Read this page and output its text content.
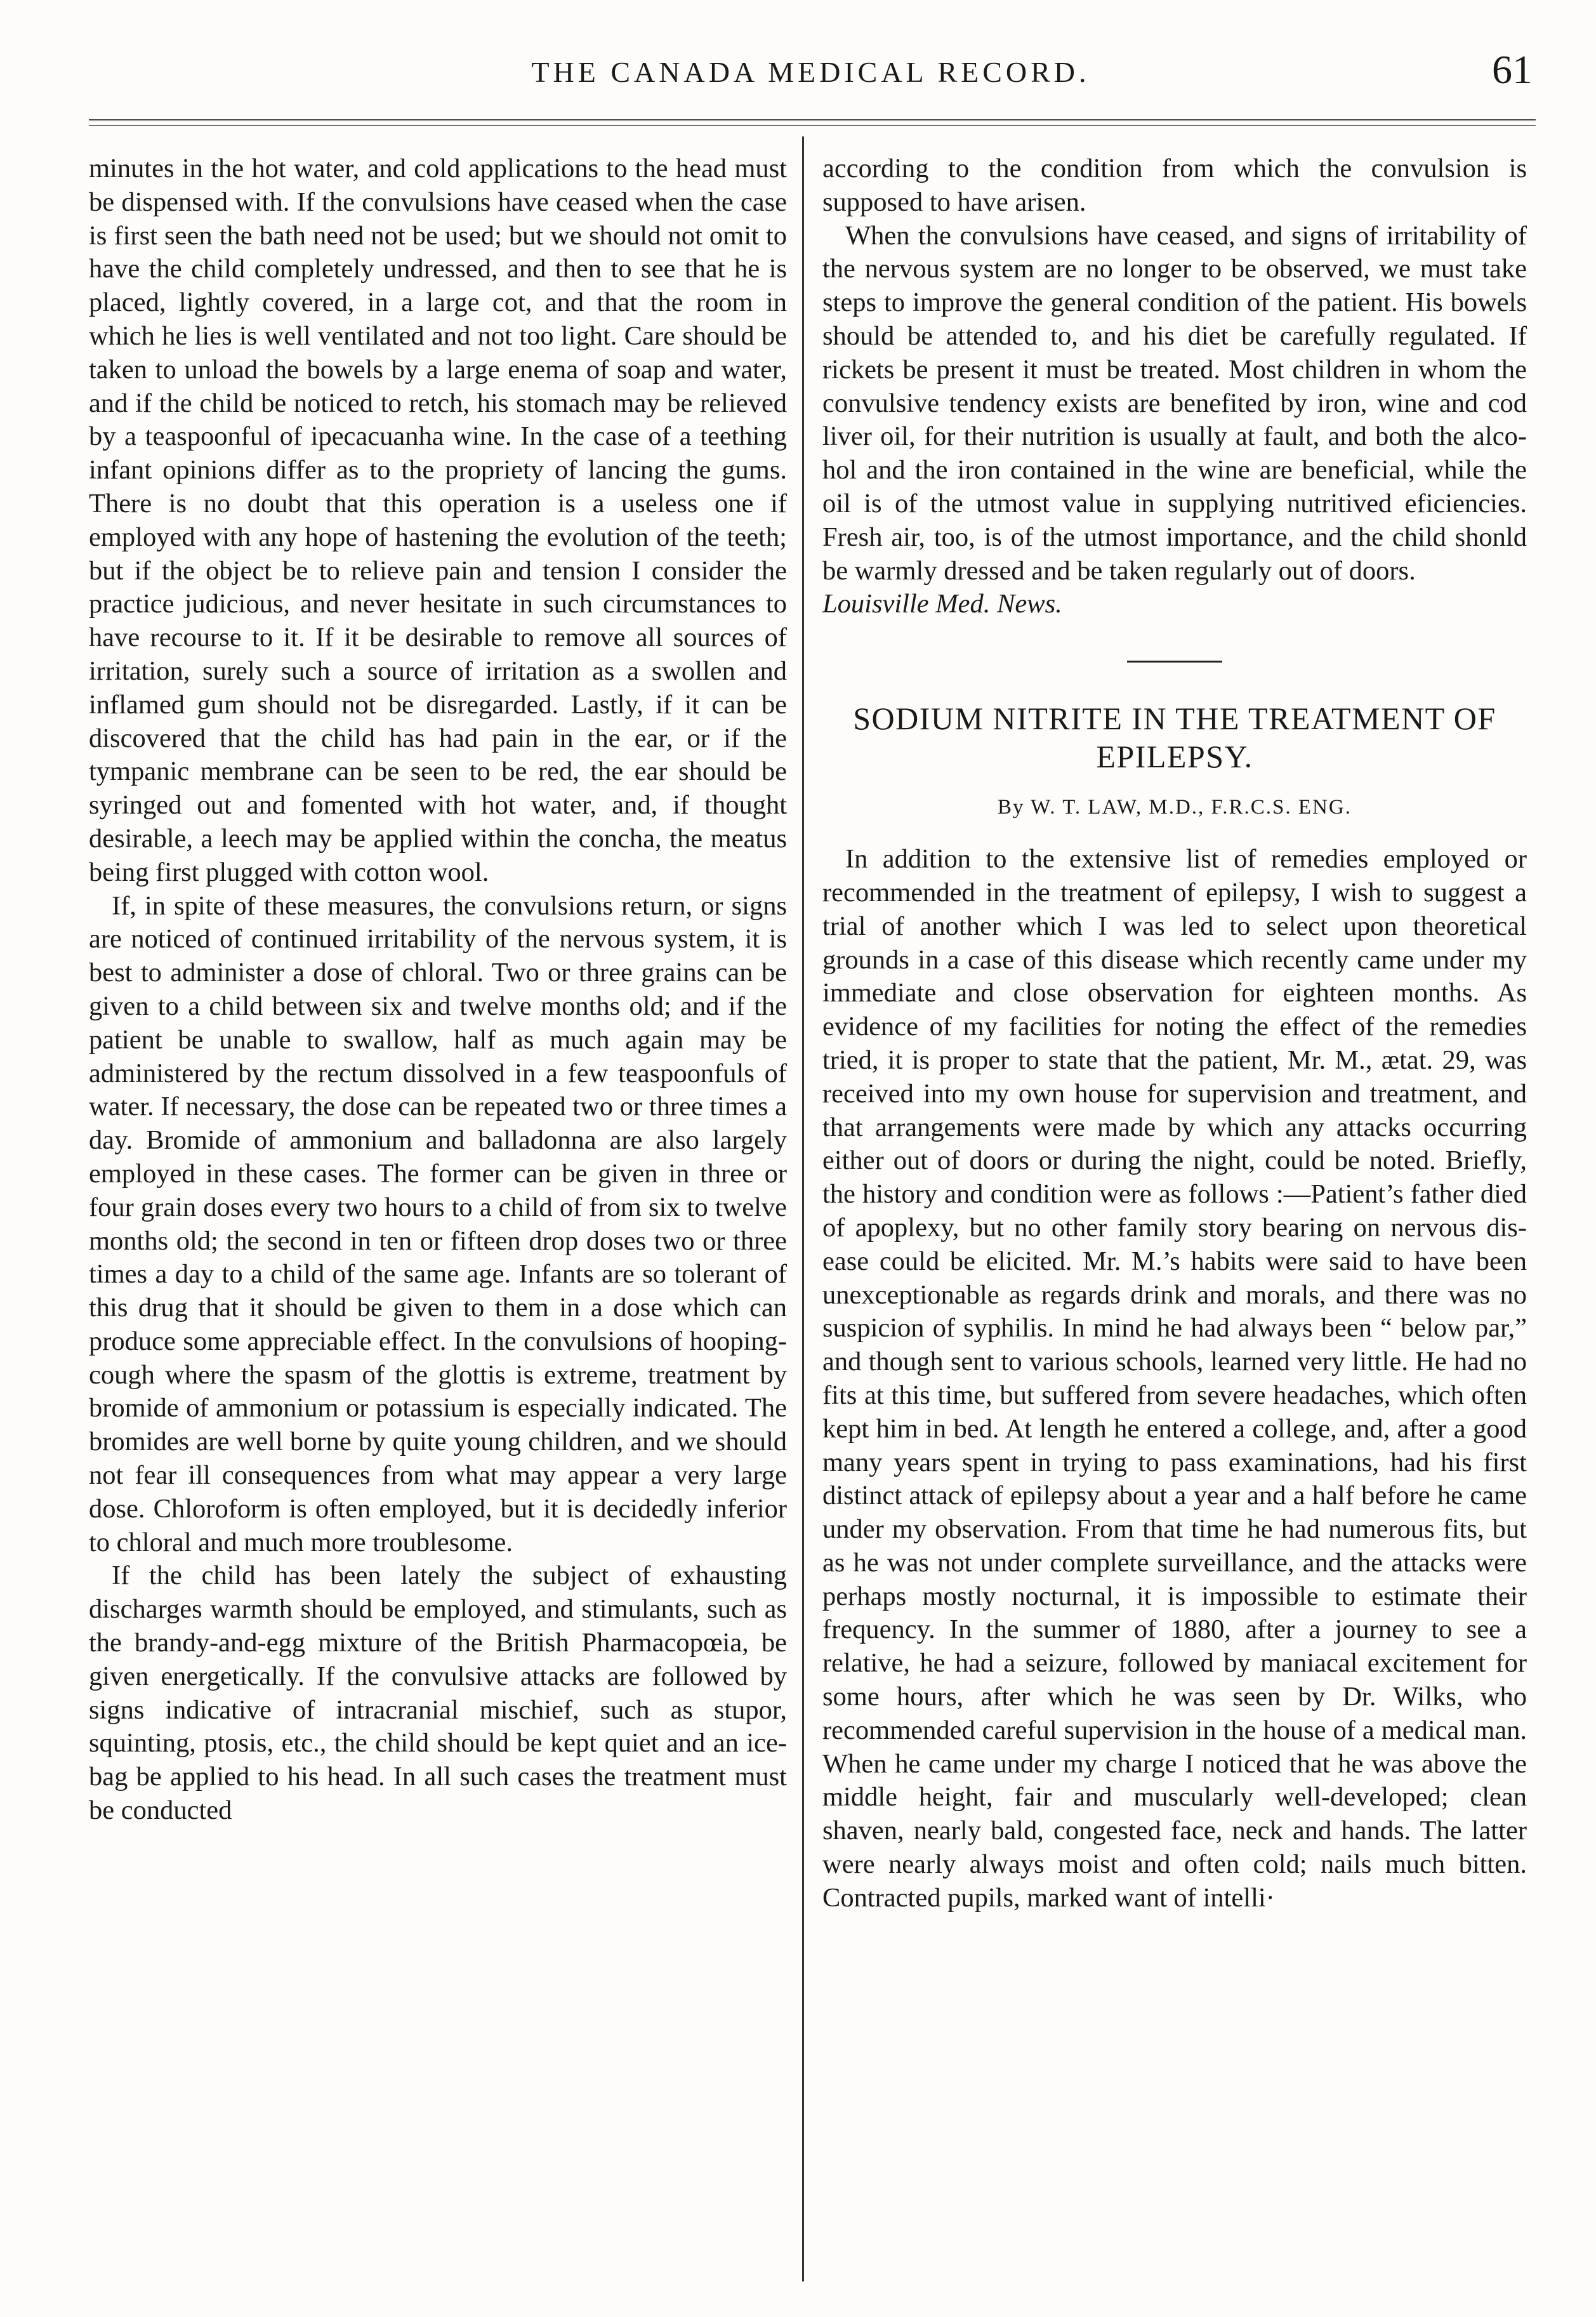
THE CANADA MEDICAL RECORD.	61

minutes in the hot water, and cold applications to the head must be dispensed with. If the convulsions have ceased when the case is first seen the bath need not be used; but we should not omit to have the child completely undressed, and then to see that he is placed, lightly covered, in a large cot, and that the room in which he lies is well ventilated and not too light. Care should be taken to unload the bowels by a large enema of soap and water, and if the child be noticed to retch, his stomach may be relieved by a teaspoonful of ipecacuanha wine. In the case of a teething infant opinions differ as to the propriety of lancing the gums. There is no doubt that this operation is a useless one if employed with any hope of hastening the evolution of the teeth; but if the object be to relieve pain and tension I consider the practice judicious, and never hesitate in such circumstances to have recourse to it. If it be desirable to remove all sources of irritation, surely such a source of irritation as a swollen and inflamed gum should not be disregarded. Lastly, if it can be discovered that the child has had pain in the ear, or if the tympanic membrane can be seen to be red, the ear should be syringed out and fomented with hot water, and, if thought desirable, a leech may be applied within the concha, the meatus being first plugged with cotton wool.

If, in spite of these measures, the convulsions return, or signs are noticed of continued irritability of the nervous system, it is best to administer a dose of chloral. Two or three grains can be given to a child between six and twelve months old; and if the patient be unable to swallow, half as much again may be administered by the rectum dissolved in a few teaspoonfuls of water. If necessary, the dose can be repeated two or three times a day. Bromide of ammonium and balladonna are also largely employed in these cases. The former can be given in three or four grain doses every two hours to a child of from six to twelve months old; the second in ten or fifteen drop doses two or three times a day to a child of the same age. Infants are so tolerant of this drug that it should be given to them in a dose which can produce some appreciable effect. In the convulsions of hooping-cough where the spasm of the glottis is extreme, treatment by bromide of ammonium or potassium is especially indicated. The bromides are well borne by quite young children, and we should not fear ill consequences from what may appear a very large dose. Chloroform is often employed, but it is decidedly inferior to chloral and much more troublesome.

If the child has been lately the subject of exhausting discharges warmth should be employed, and stimulants, such as the brandy-and-egg mixture of the British Pharmacopœia, be given energetically. If the convulsive attacks are followed by signs indicative of intracranial mischief, such as stupor, squinting, ptosis, etc., the child should be kept quiet and an ice-bag be applied to his head. In all such cases the treatment must be conducted

according to the condition from which the convulsion is supposed to have arisen.

When the convulsions have ceased, and signs of irritability of the nervous system are no longer to be observed, we must take steps to improve the general condition of the patient. His bowels should be attended to, and his diet be carefully regulated. If rickets be present it must be treated. Most children in whom the convulsive tendency exists are benefited by iron, wine and cod liver oil, for their nutrition is usually at fault, and both the alcohol and the iron contained in the wine are beneficial, while the oil is of the utmost value in supplying nutritived eficiencies. Fresh air, too, is of the utmost importance, and the child shonld be warmly dressed and be taken regularly out of doors.

Louisville Med. News.

SODIUM NITRITE IN THE TREATMENT OF EPILEPSY.
By W. T. LAW, M.D., F.R.C.S. ENG.

In addition to the extensive list of remedies employed or recommended in the treatment of epilepsy, I wish to suggest a trial of another which I was led to select upon theoretical grounds in a case of this disease which recently came under my immediate and close observation for eighteen months. As evidence of my facilities for noting the effect of the remedies tried, it is proper to state that the patient, Mr. M., ætat. 29, was received into my own house for supervision and treatment, and that arrangements were made by which any attacks occurring either out of doors or during the night, could be noted. Briefly, the history and condition were as follows :—Patient’s father died of apoplexy, but no other family story bearing on nervous disease could be elicited. Mr. M.’s habits were said to have been unexceptionable as regards drink and morals, and there was no suspicion of syphilis. In mind he had always been “ below par,” and though sent to various schools, learned very little. He had no fits at this time, but suffered from severe headaches, which often kept him in bed. At length he entered a college, and, after a good many years spent in trying to pass examinations, had his first distinct attack of epilepsy about a year and a half before he came under my observation. From that time he had numerous fits, but as he was not under complete surveillance, and the attacks were perhaps mostly nocturnal, it is impossible to estimate their frequency. In the summer of 1880, after a journey to see a relative, he had a seizure, followed by maniacal excitement for some hours, after which he was seen by Dr. Wilks, who recommended careful supervision in the house of a medical man. When he came under my charge I noticed that he was above the middle height, fair and muscularly well-developed; clean shaven, nearly bald, congested face, neck and hands. The latter were nearly always moist and often cold; nails much bitten. Contracted pupils, marked want of intelli·
